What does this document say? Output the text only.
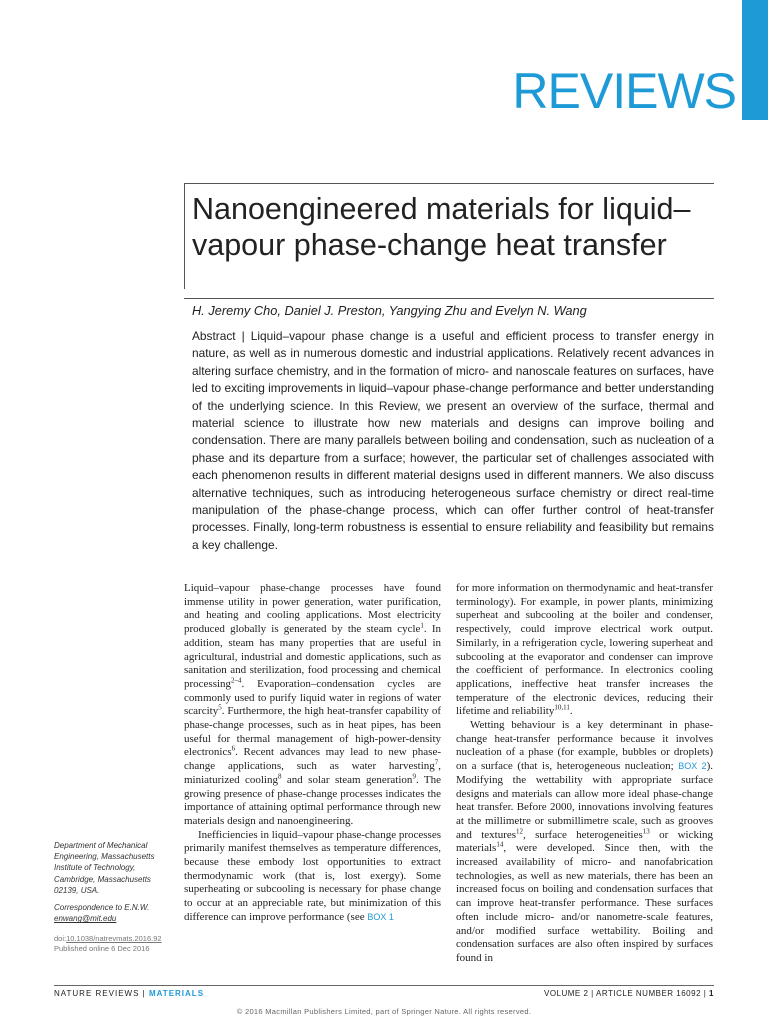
REVIEWS
Nanoengineered materials for liquid–vapour phase-change heat transfer
H. Jeremy Cho, Daniel J. Preston, Yangying Zhu and Evelyn N. Wang
Abstract | Liquid–vapour phase change is a useful and efficient process to transfer energy in nature, as well as in numerous domestic and industrial applications. Relatively recent advances in altering surface chemistry, and in the formation of micro- and nanoscale features on surfaces, have led to exciting improvements in liquid–vapour phase-change performance and better understanding of the underlying science. In this Review, we present an overview of the surface, thermal and material science to illustrate how new materials and designs can improve boiling and condensation. There are many parallels between boiling and condensation, such as nucleation of a phase and its departure from a surface; however, the particular set of challenges associated with each phenomenon results in different material designs used in different manners. We also discuss alternative techniques, such as introducing heterogeneous surface chemistry or direct real-time manipulation of the phase-change process, which can offer further control of heat-transfer processes. Finally, long-term robustness is essential to ensure reliability and feasibility but remains a key challenge.

Liquid–vapour phase-change processes have found immense utility in power generation, water purification, and heating and cooling applications. Most electricity produced globally is generated by the steam cycle$^1$. In addition, steam has many properties that are useful in agricultural, industrial and domestic applications, such as sanitation and sterilization, food processing and chemical processing$^{2-4}$. Evaporation–condensation cycles are commonly used to purify liquid water in regions of water scarcity$^5$. Furthermore, the high heat-transfer capability of phase-change processes, such as in heat pipes, has been useful for thermal management of high-power-density electronics$^6$. Recent advances may lead to new phase-change applications, such as water harvesting$^7$, miniaturized cooling$^8$ and solar steam generation$^9$. The growing presence of phase-change processes indicates the importance of attaining optimal performance through new materials design and nanoengineering.

Inefficiencies in liquid–vapour phase-change processes primarily manifest themselves as temperature differences, because these embody lost opportunities to extract thermodynamic work (that is, lost exergy). Some superheating or subcooling is necessary for phase change to occur at an appreciable rate, but minimization of this difference can improve performance (see BOX 1

for more information on thermodynamic and heat-transfer terminology). For example, in power plants, minimizing superheat and subcooling at the boiler and condenser, respectively, could improve electrical work output. Similarly, in a refrigeration cycle, lowering superheat and subcooling at the evaporator and condenser can improve the coefficient of performance. In electronics cooling applications, ineffective heat transfer increases the temperature of the electronic devices, reducing their lifetime and reliability$^{10,11}$.

Wetting behaviour is a key determinant in phase-change heat-transfer performance because it involves nucleation of a phase (for example, bubbles or droplets) on a surface (that is, heterogeneous nucleation; BOX 2). Modifying the wettability with appropriate surface designs and materials can allow more ideal phase-change heat transfer. Before 2000, innovations involving features at the millimetre or submillimetre scale, such as grooves and textures$^{12}$, surface heterogeneities$^{13}$ or wicking materials$^{14}$, were developed. Since then, with the increased availability of micro- and nanofabrication technologies, as well as new materials, there has been an increased focus on boiling and condensation surfaces that can improve heat-transfer performance. These surfaces often include micro- and/or nanometre-scale features, and/or modified surface wettability. Boiling and condensation surfaces are also often inspired by surfaces found in

Department of Mechanical Engineering, Massachusetts Institute of Technology, Cambridge, Massachusetts 02139, USA.

Correspondence to E.N.W.

enwang@mit.edu

doi:10.1038/natrevmats.2016.92
Published online 6 Dec 2016
NATURE REVIEWS | MATERIALS	VOLUME 2 | ARTICLE NUMBER 16092 | 1
© 2016 Macmillan Publishers Limited, part of Springer Nature. All rights reserved.
